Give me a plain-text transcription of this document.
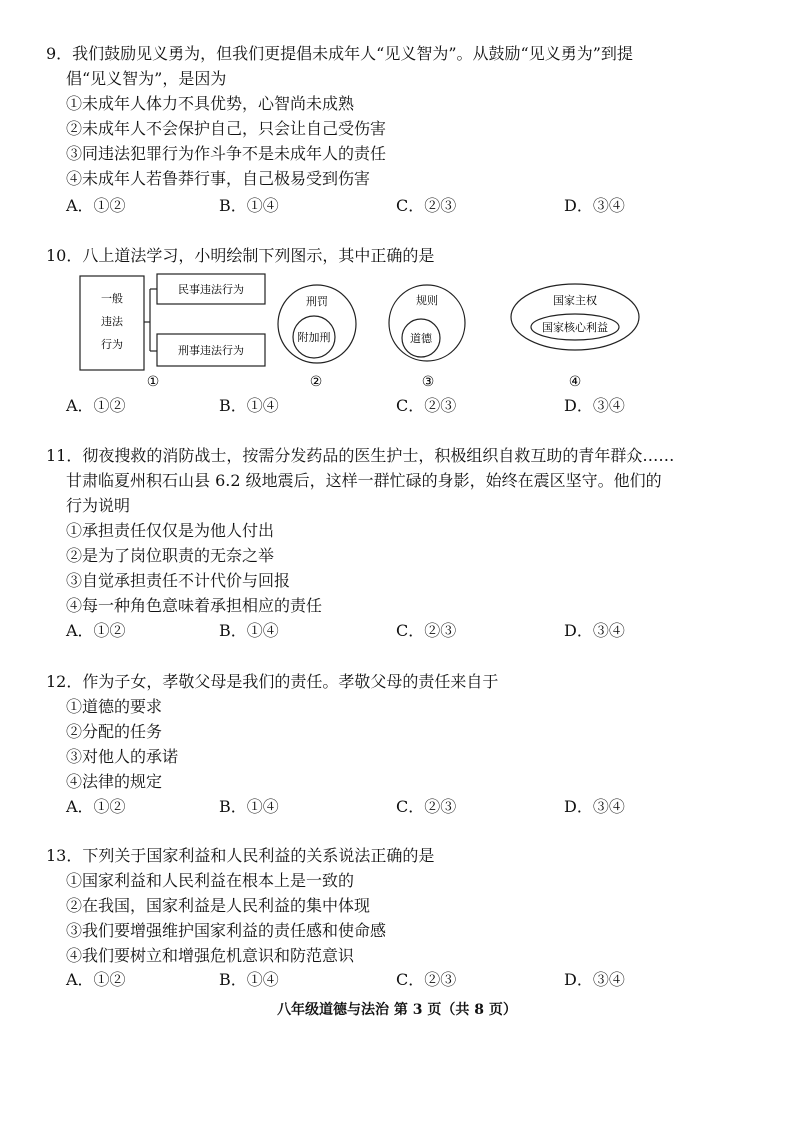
9．我们鼓励见义勇为，但我们更提倡未成年人“见义智为”。从鼓励“见义勇为”到提
倡“见义智为”，是因为
①未成年人体力不具优势，心智尚未成熟
②未成年人不会保护自己，只会让自己受伤害
③同违法犯罪行为作斗争不是未成年人的责任
④未成年人若鲁莽行事，自己极易受到伤害
A．①②	B．①④	C．②③	D．③④
10．八上道法学习，小明绘制下列图示，其中正确的是
一般
违法
行为
民事违法行为
刑事违法行为
①
刑罚
附加刑
②
规则
道德
③
国家主权
国家核心利益
④
A．①②	B．①④	C．②③	D．③④
11．彻夜搜救的消防战士，按需分发药品的医生护士，积极组织自救互助的青年群众……
甘肃临夏州积石山县 6.2 级地震后，这样一群忙碌的身影，始终在震区坚守。他们的
行为说明
①承担责任仅仅是为他人付出
②是为了岗位职责的无奈之举
③自觉承担责任不计代价与回报
④每一种角色意味着承担相应的责任
A．①②	B．①④	C．②③	D．③④
12．作为子女，孝敬父母是我们的责任。孝敬父母的责任来自于
①道德的要求
②分配的任务
③对他人的承诺
④法律的规定
A．①②	B．①④	C．②③	D．③④
13．下列关于国家利益和人民利益的关系说法正确的是
①国家利益和人民利益在根本上是一致的
②在我国，国家利益是人民利益的集中体现
③我们要增强维护国家利益的责任感和使命感
④我们要树立和增强危机意识和防范意识
A．①②	B．①④	C．②③	D．③④
八年级道德与法治 第 3 页（共 8 页）
